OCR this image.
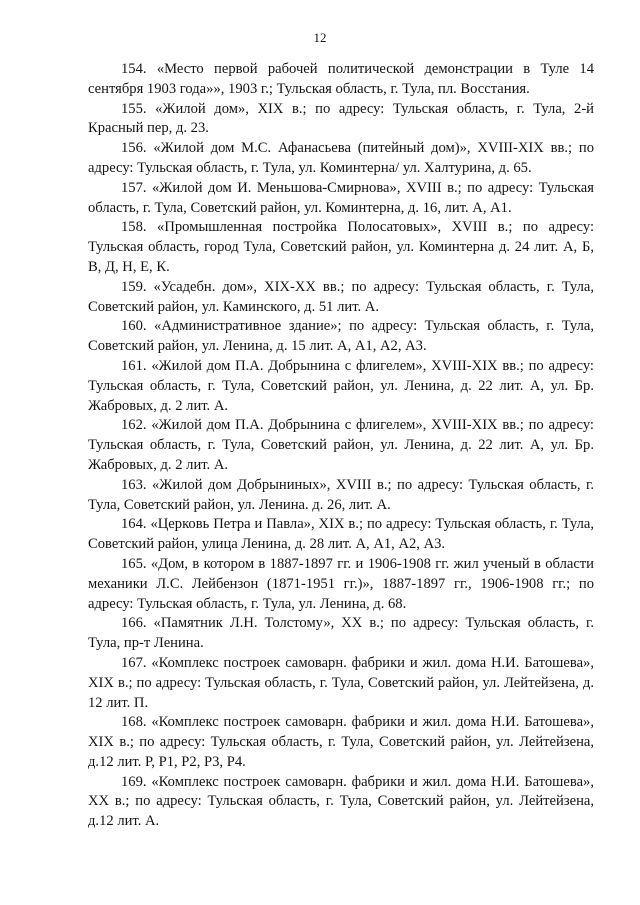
12

154. «Место первой рабочей политической демонстрации в Туле 14 сентября 1903 года»», 1903 г.; Тульская область, г. Тула, пл. Восстания.

155. «Жилой дом», XIX в.; по адресу: Тульская область, г. Тула, 2-й Красный пер, д. 23.

156. «Жилой дом М.С. Афанасьева (питейный дом)», XVIII-XIX вв.; по адресу: Тульская область, г. Тула, ул. Коминтерна/ ул. Халтурина, д. 65.

157. «Жилой дом И. Меньшова-Смирнова», XVIII в.; по адресу: Тульская область, г. Тула, Советский район, ул. Коминтерна, д. 16, лит. А, А1.

158. «Промышленная постройка Полосатовых», XVIII в.; по адресу: Тульская область, город Тула, Советский район, ул. Коминтерна д. 24 лит. А, Б, В, Д, Н, Е, К.

159. «Усадебн. дом», XIX-XX вв.; по адресу: Тульская область, г. Тула, Советский район, ул. Каминского, д. 51 лит. А.

160. «Административное здание»; по адресу: Тульская область, г. Тула, Советский район, ул. Ленина, д. 15 лит. А, А1, А2, А3.

161. «Жилой дом П.А. Добрынина с флигелем», XVIII-XIX вв.; по адресу: Тульская область, г. Тула, Советский район, ул. Ленина, д. 22 лит. А, ул. Бр. Жабровых, д. 2 лит. А.

162. «Жилой дом П.А. Добрынина с флигелем», XVIII-XIX вв.; по адресу: Тульская область, г. Тула, Советский район, ул. Ленина, д. 22 лит. А, ул. Бр. Жабровых, д. 2 лит. А.

163. «Жилой дом Добрыниных», XVIII в.; по адресу: Тульская область, г. Тула, Советский район, ул. Ленина. д. 26, лит. А.

164. «Церковь Петра и Павла», XIX в.; по адресу: Тульская область, г. Тула, Советский район, улица Ленина, д. 28 лит. А, А1, А2, А3.

165. «Дом, в котором в 1887-1897 гг. и 1906-1908 гг. жил ученый в области механики Л.С. Лейбензон (1871-1951 гг.)», 1887-1897 гг., 1906-1908 гг.; по адресу: Тульская область, г. Тула, ул. Ленина, д. 68.

166. «Памятник Л.Н. Толстому», XX в.; по адресу: Тульская область, г. Тула, пр-т Ленина.

167. «Комплекс построек самоварн. фабрики и жил. дома Н.И. Батошева», XIX в.; по адресу: Тульская область, г. Тула, Советский район, ул. Лейтейзена, д. 12 лит. П.

168. «Комплекс построек самоварн. фабрики и жил. дома Н.И. Батошева», XIX в.; по адресу: Тульская область, г. Тула, Советский район, ул. Лейтейзена, д.12 лит. Р, Р1, Р2, Р3, Р4.

169. «Комплекс построек самоварн. фабрики и жил. дома Н.И. Батошева», XX в.; по адресу: Тульская область, г. Тула, Советский район, ул. Лейтейзена, д.12 лит. А.
